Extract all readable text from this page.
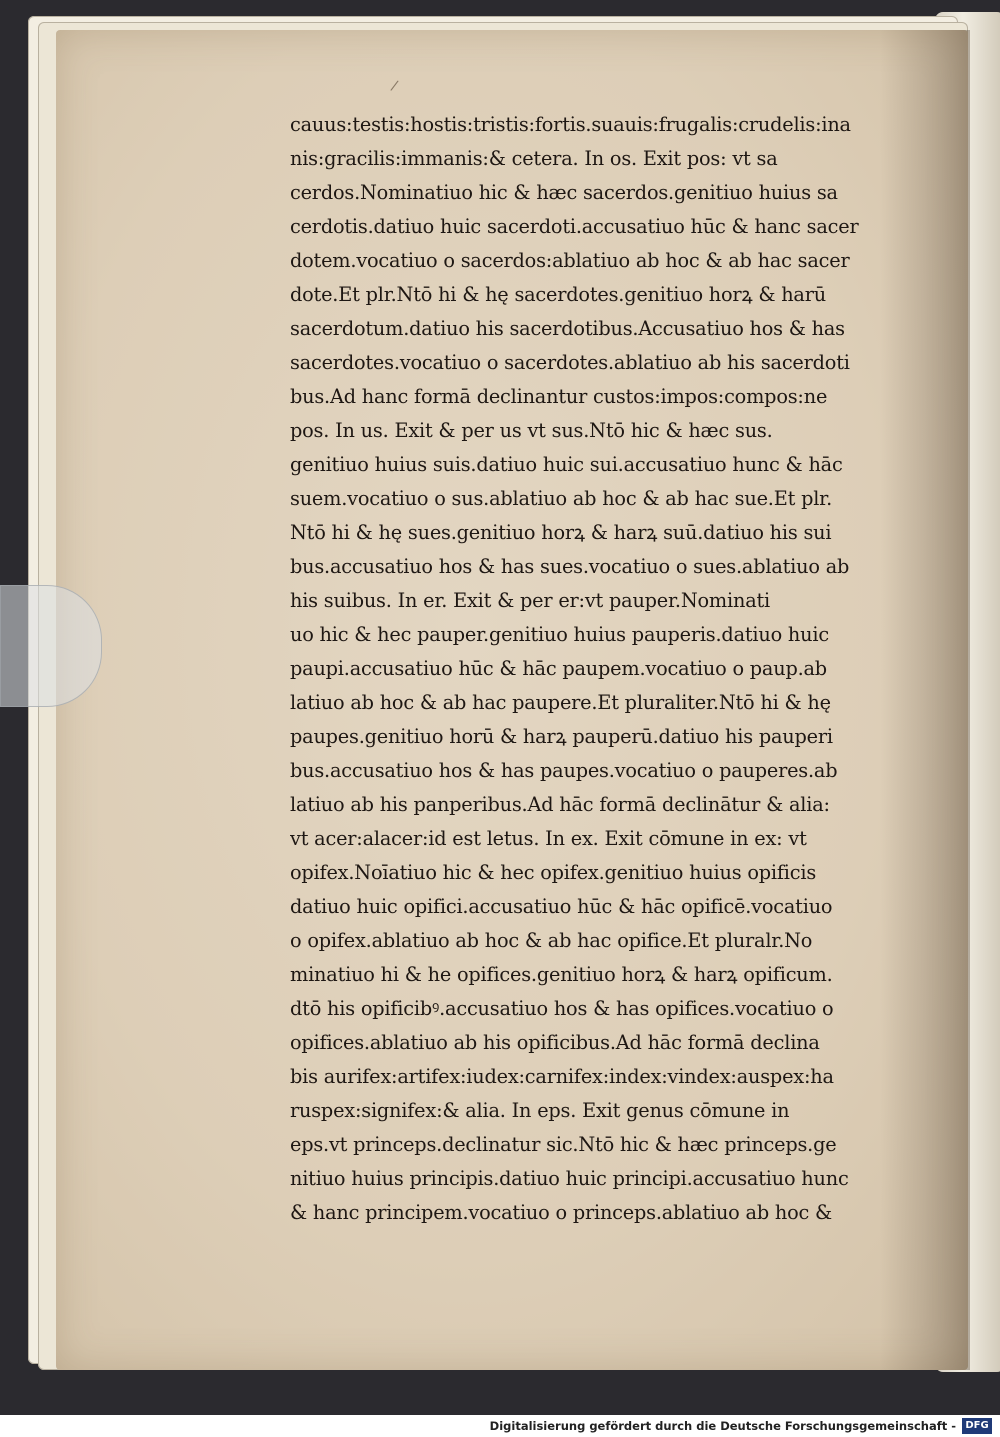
/
cauus:testis:hostis:tristis:fortis.suauis:frugalis:crudelis:ina
nis:gracilis:immanis:& cetera. In os. Exit pos: vt sa
cerdos.Nominatiuo hic & hæc sacerdos.genitiuo huius sa
cerdotis.datiuo huic sacerdoti.accusatiuo hūc & hanc sacer
dotem.vocatiuo o sacerdos:ablatiuo ab hoc & ab hac sacer
dote.Et plr.Ntō hi & hę sacerdotes.genitiuo horꝝ & harū
sacerdotum.datiuo his sacerdotibus.Accusatiuo hos & has
sacerdotes.vocatiuo o sacerdotes.ablatiuo ab his sacerdoti
bus.Ad hanc formā declinantur custos:impos:compos:ne
pos. In us. Exit & per us vt sus.Ntō hic & hæc sus.
genitiuo huius suis.datiuo huic sui.accusatiuo hunc & hāc
suem.vocatiuo o sus.ablatiuo ab hoc & ab hac sue.Et plr.
Ntō hi & hę sues.genitiuo horꝝ & harꝝ suū.datiuo his sui
bus.accusatiuo hos & has sues.vocatiuo o sues.ablatiuo ab
his suibus. In er. Exit & per er:vt pauper.Nominati
uo hic & hec pauper.genitiuo huius pauperis.datiuo huic
paupi.accusatiuo hūc & hāc paupem.vocatiuo o paup.ab
latiuo ab hoc & ab hac paupere.Et pluraliter.Ntō hi & hę
paupes.genitiuo horū & harꝝ pauperū.datiuo his pauperi
bus.accusatiuo hos & has paupes.vocatiuo o pauperes.ab
latiuo ab his panperibus.Ad hāc formā declinātur & alia:
vt acer:alacer:id est letus. In ex. Exit cōmune in ex: vt
opifex.Noīatiuo hic & hec opifex.genitiuo huius opificis
datiuo huic opifici.accusatiuo hūc & hāc opificē.vocatiuo
o opifex.ablatiuo ab hoc & ab hac opifice.Et pluralr.No
minatiuo hi & he opifices.genitiuo horꝝ & harꝝ opificum.
dtō his opificibꝰ.accusatiuo hos & has opifices.vocatiuo o
opifices.ablatiuo ab his opificibus.Ad hāc formā declina
bis aurifex:artifex:iudex:carnifex:index:vindex:auspex:ha
ruspex:signifex:& alia. In eps. Exit genus cōmune in
eps.vt princeps.declinatur sic.Ntō hic & hæc princeps.ge
nitiuo huius principis.datiuo huic principi.accusatiuo hunc
& hanc principem.vocatiuo o princeps.ablatiuo ab hoc &
Digitalisierung gefördert durch die Deutsche Forschungsgemeinschaft - DFG
